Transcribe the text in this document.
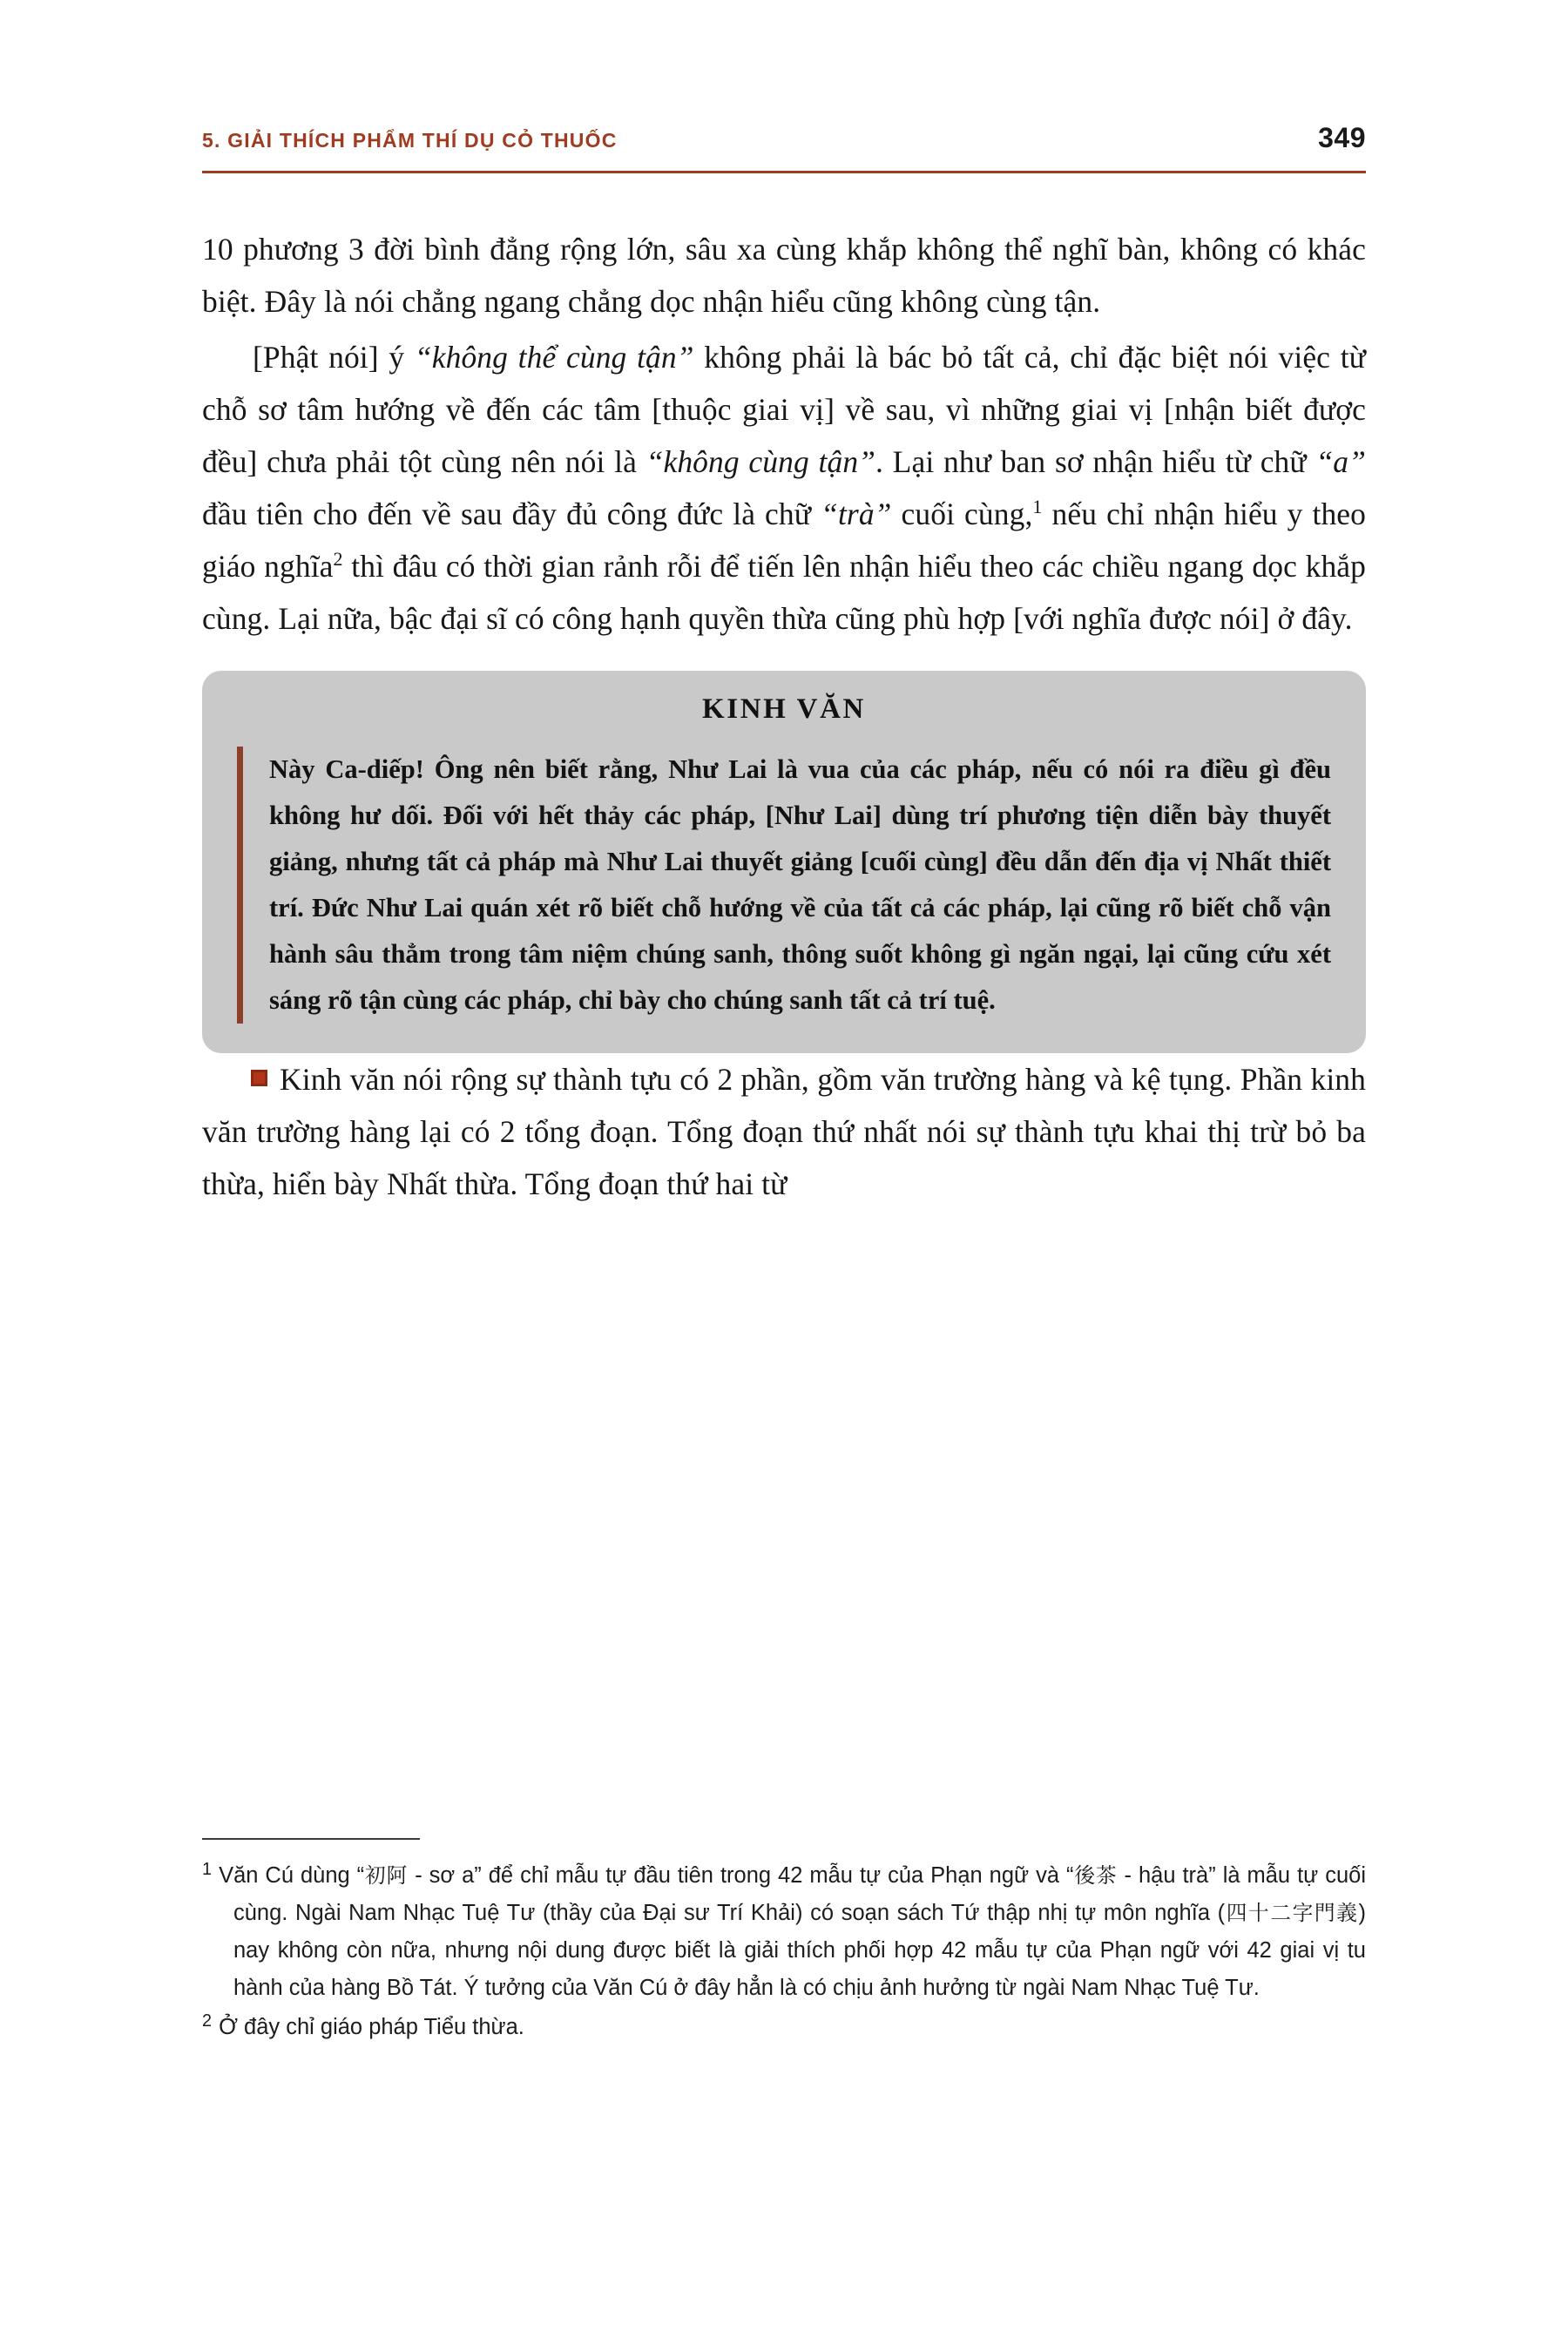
5. GIẢI THÍCH PHẨM THÍ DỤ CỎ THUỐC	349

10 phương 3 đời bình đẳng rộng lớn, sâu xa cùng khắp không thể nghĩ bàn, không có khác biệt. Đây là nói chẳng ngang chẳng dọc nhận hiểu cũng không cùng tận.

[Phật nói] ý “không thể cùng tận” không phải là bác bỏ tất cả, chỉ đặc biệt nói việc từ chỗ sơ tâm hướng về đến các tâm [thuộc giai vị] về sau, vì những giai vị [nhận biết được đều] chưa phải tột cùng nên nói là “không cùng tận”. Lại như ban sơ nhận hiểu từ chữ “a” đầu tiên cho đến về sau đầy đủ công đức là chữ “trà” cuối cùng,$^1$ nếu chỉ nhận hiểu y theo giáo nghĩa$^2$ thì đâu có thời gian rảnh rỗi để tiến lên nhận hiểu theo các chiều ngang dọc khắp cùng. Lại nữa, bậc đại sĩ có công hạnh quyền thừa cũng phù hợp [với nghĩa được nói] ở đây.

KINH VĂN
Này Ca-diếp! Ông nên biết rằng, Như Lai là vua của các pháp, nếu có nói ra điều gì đều không hư dối. Đối với hết thảy các pháp, [Như Lai] dùng trí phương tiện diễn bày thuyết giảng, nhưng tất cả pháp mà Như Lai thuyết giảng [cuối cùng] đều dẫn đến địa vị Nhất thiết trí. Đức Như Lai quán xét rõ biết chỗ hướng về của tất cả các pháp, lại cũng rõ biết chỗ vận hành sâu thẳm trong tâm niệm chúng sanh, thông suốt không gì ngăn ngại, lại cũng cứu xét sáng rõ tận cùng các pháp, chỉ bày cho chúng sanh tất cả trí tuệ.

Kinh văn nói rộng sự thành tựu có 2 phần, gồm văn trường hàng và kệ tụng. Phần kinh văn trường hàng lại có 2 tổng đoạn. Tổng đoạn thứ nhất nói sự thành tựu khai thị trừ bỏ ba thừa, hiển bày Nhất thừa. Tổng đoạn thứ hai từ

$^1$ Văn Cú dùng “初阿 - sơ a” để chỉ mẫu tự đầu tiên trong 42 mẫu tự của Phạn ngữ và “後茶 - hậu trà” là mẫu tự cuối cùng. Ngài Nam Nhạc Tuệ Tư (thầy của Đại sư Trí Khải) có soạn sách Tứ thập nhị tự môn nghĩa (四十二字門義) nay không còn nữa, nhưng nội dung được biết là giải thích phối hợp 42 mẫu tự của Phạn ngữ với 42 giai vị tu hành của hàng Bồ Tát. Ý tưởng của Văn Cú ở đây hẳn là có chịu ảnh hưởng từ ngài Nam Nhạc Tuệ Tư.

$^2$ Ở đây chỉ giáo pháp Tiểu thừa.
